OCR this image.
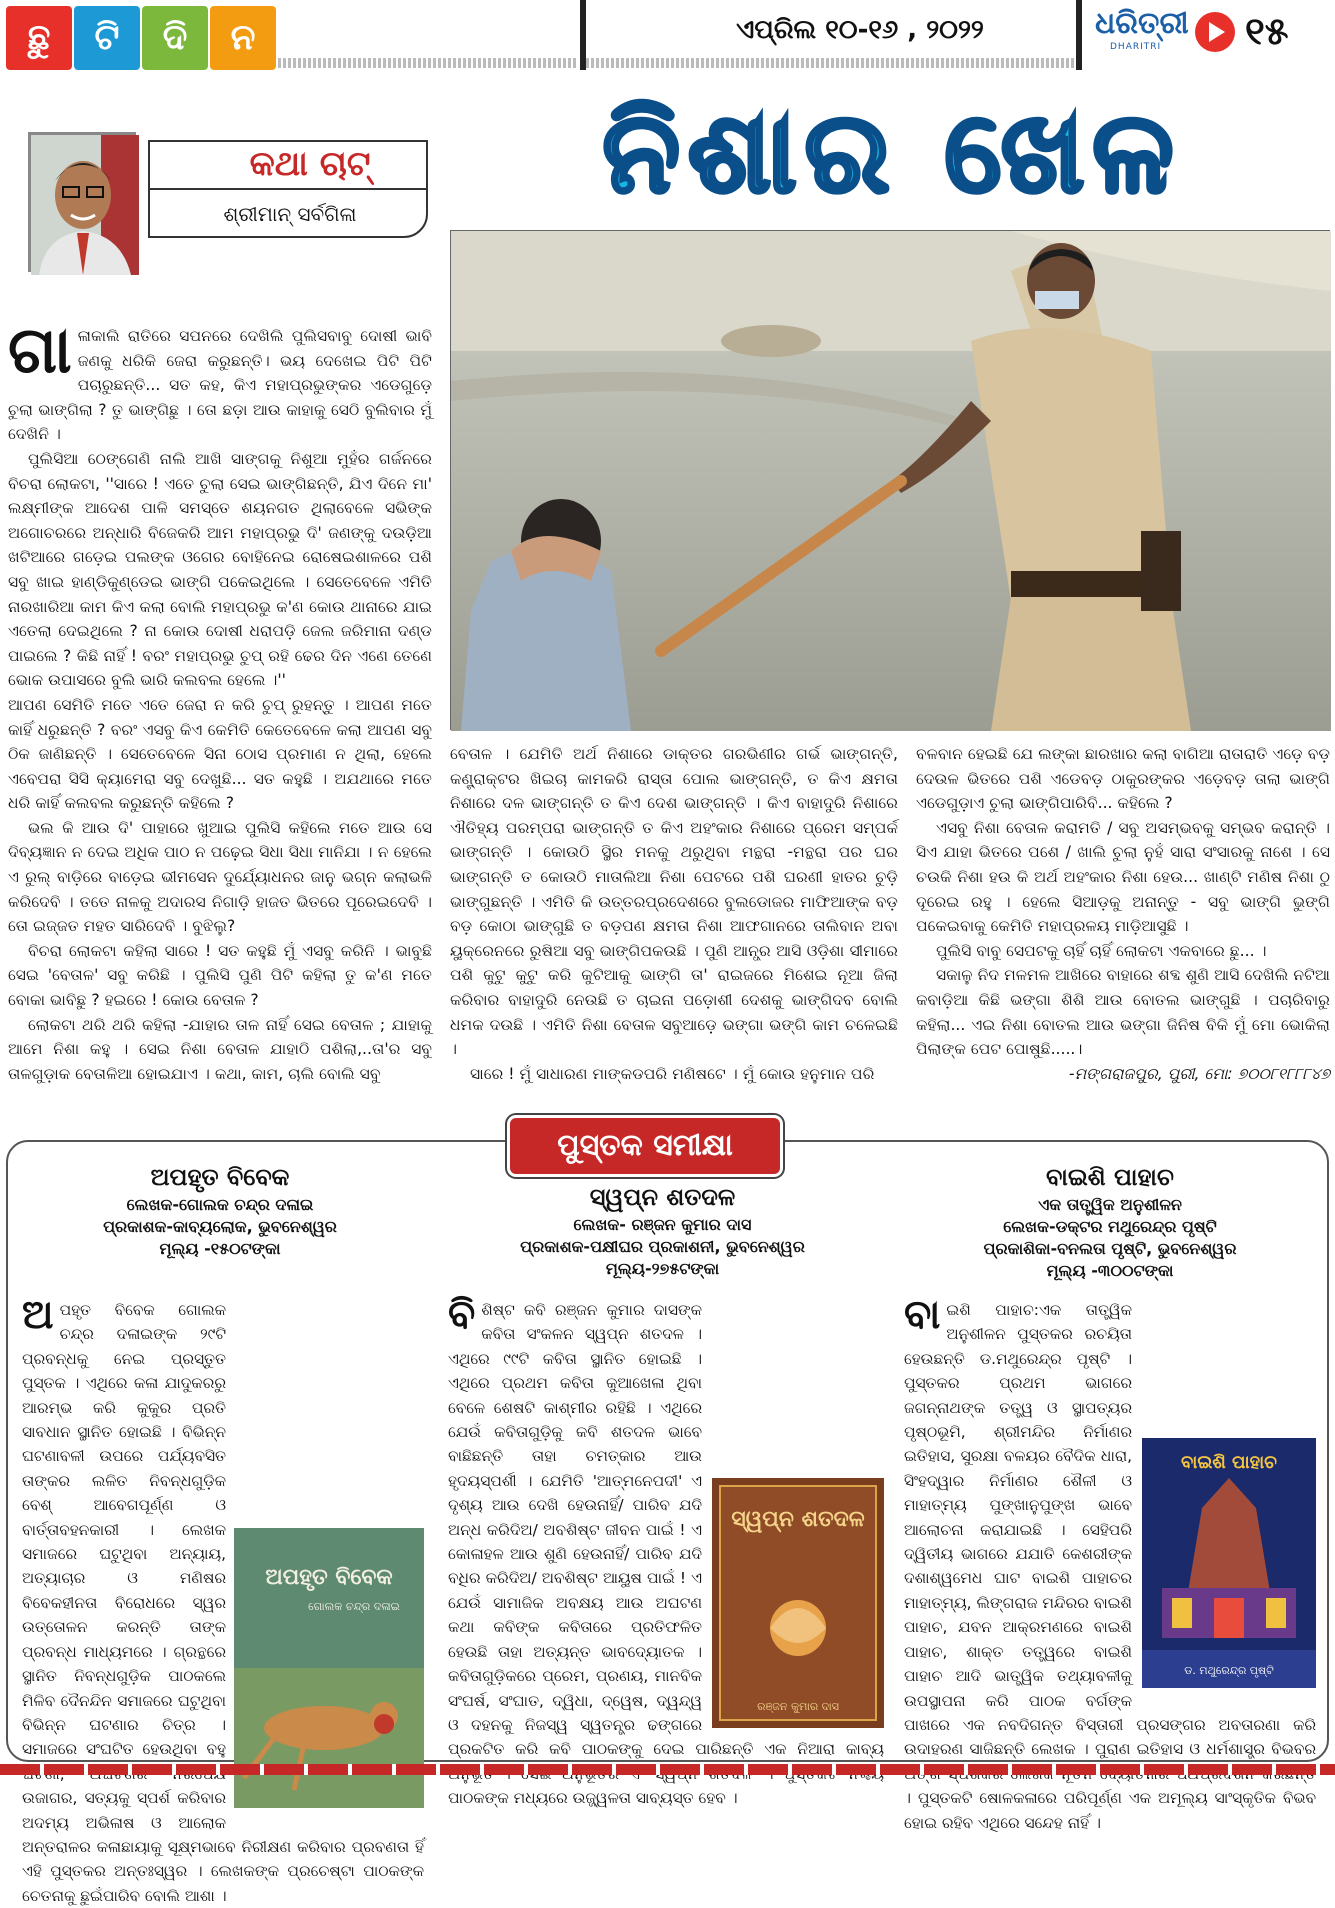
ଛୁ	ଟି	ଦି	ନ	ଏପ୍ରିଲ ୧୦-୧୬ , ୨୦୨୨	ଧରିତ୍ରୀ
DHARITRI ୧୫
କଥା ଚାଟ୍
ଶ୍ରୀମାନ୍ ସର୍ବଗିଳା	ନିଶାର ଖେଳ
ଗା ଳାକାଲି ରାତିରେ ସପନରେ ଦେଖିଲି ପୁଲିସବାବୁ ଦୋଷୀ ଭାବି ଜଣକୁ ଧରିକି ଜେରା କରୁଛନ୍ତି। ଭୟ ଦେଖେଇ ପିଟି ପିଟି ପଚାରୁଛନ୍ତି... ସତ କହ, କିଏ ମହାପ୍ରଭୁଙ୍କର ଏଡେଗୁଡ଼େ ଚୁଲା ଭାଙ୍ଗିଲା ? ତୁ ଭାଙ୍ଗିଛୁ । ତୋ ଛଡ଼ା ଆଉ କାହାକୁ ସେଠି ବୁଲିବାର ମୁଁ ଦେଖିନି ।

ପୁଲିସିଆ ଠେଙ୍ଗେଣି ନାଲି ଆଖି ସାଙ୍ଗକୁ ନିଶୁଆ ମୁହଁର ଗର୍ଜନରେ ବିଚରା ଲୋକଟା, ''ସାରେ ! ଏତେ ଚୁଲା ସେଇ ଭାଙ୍ଗିଛନ୍ତି, ଯିଏ ଦିନେ ମା' ଲକ୍ଷ୍ମୀଙ୍କ ଆଦେଶ ପାଳି ସମସ୍ତେ ଶୟନଗତ ଥିଲାବେଳେ ସଭିଙ୍କ ଅଗୋଚରରେ ଅନ୍ଧାରି ବିଜେକରି ଆମ ମହାପ୍ରଭୁ ଦି' ଜଣଙ୍କୁ ଦଉଡ଼ିଆ ଖଟିଆରେ ଗଡ଼େଇ ପଲଙ୍କ ଓଗେର ବୋହିନେଇ ରୋଷେଇଶାଳରେ ପଶି ସବୁ ଖାଇ ହାଣ୍ଡିକୁଣ୍ଡେଇ ଭାଙ୍ଗି ପକେଇଥିଲେ । ସେତେବେଳେ ଏମିତି ନାରଖାରିଆ କାମ କିଏ କଲା ବୋଲି ମହାପ୍ରଭୁ କ'ଣ କୋଉ ଥାନାରେ ଯାଇ ଏତେଲା ଦେଇଥିଲେ ? ନା କୋଉ ଦୋଷୀ ଧରାପଡ଼ି ଜେଲ ଜରିମାନା ଦଣ୍ଡ ପାଇଲେ ? କିଛି ନାହିଁ ! ବରଂ ମହାପ୍ରଭୁ ଚୁପ୍ ରହି ଢେର ଦିନ ଏଣେ ତେଣେ ଭୋକ ଉପାସରେ ବୁଲି ଭାରି କଲବଲ ହେଲେ ।''

ଆପଣ ସେମିତି ମତେ ଏତେ ଜେରା ନ କରି ଚୁପ୍ ରୁହନ୍ତୁ । ଆପଣ ମତେ କାହିଁ ଧରୁଛନ୍ତି ? ବରଂ ଏସବୁ କିଏ କେମିତି କେତେବେଳେ କଲା ଆପଣ ସବୁ ଠିକ ଜାଣିଛନ୍ତି । ସେତେବେଳେ ସିନା ଠୋସ ପ୍ରମାଣ ନ ଥିଲା, ହେଲେ ଏବେପରା ସିସି କ୍ୟାମେରା ସବୁ ଦେଖୁଛି... ସତ କହୁଛି । ଅଯଥାରେ ମତେ ଧରି କାହିଁ କଲବଲ କରୁଛନ୍ତି କହିଲେ ?

ଭଲ କି ଆଉ ଦି' ପାହାରେ ଖୁଆଇ ପୁଲିସି କହିଲେ ମତେ ଆଉ ସେ ଦିବ୍ୟଜ୍ଞାନ ନ ଦେଇ ଅଧିକ ପାଠ ନ ପଢ଼େଇ ସିଧା ସିଧା ମାନିଯା । ନ ହେଲେ ଏ ରୁଲ୍ ବାଡ଼ିରେ ବାଡ଼େଇ ଭୀମସେନ ଦୁର୍ଯ୍ୟୋଧନର ଜାନୁ ଭଗ୍ନ କଲାଭଳି କରିଦେବି । ତତେ ନାଳକୁ ଅଦାରସ ନିଗାଡ଼ି ହାଜତ ଭିତରେ ପୂରେଇଦେବି । ତୋ ଇଜ୍ଜତ ମହତ ସାରିଦେବି । ବୁଝିଲୁ?

ବିଚରା ଲୋକଟା କହିଲା ସାରେ ! ସତ କହୁଛି ମୁଁ ଏସବୁ କରିନି । ଭାବୁଛି ସେଇ 'ବେତାଳ' ସବୁ କରିଛି । ପୁଲିସି ପୁଣି ପିଟି କହିଲା ତୁ କ'ଣ ମତେ ବୋକା ଭାବିଛୁ ? ହଇରେ ! କୋଉ ବେତାଳ ?

ଲୋକଟା ଥରି ଥରି କହିଲା -ଯାହାର ତାଳ ନାହିଁ ସେଇ ବେତାଳ ; ଯାହାକୁ ଆମେ ନିଶା କହୁ । ସେଇ ନିଶା ବେତାଳ ଯାହାଠି ପଶିଲା,..ତା'ର ସବୁ ତାଳଗୁଡ଼ାକ ବେତାଳିଆ ହୋଇଯାଏ । କଥା, କାମ, ଚାଲି ବୋଲି ସବୁ

ବେତାଳ । ଯେମିତି ଅର୍ଥ ନିଶାରେ ଡାକ୍ତର ଗରଭିଣୀର ଗର୍ଭ ଭାଙ୍ଗନ୍ତି, କଣ୍ଟ୍ରାକ୍ଟର ଖିଇଚା କାମକରି ରାସ୍ତା ପୋଲ ଭାଙ୍ଗନ୍ତି, ତ କିଏ କ୍ଷମତା ନିଶାରେ ଦଳ ଭାଙ୍ଗନ୍ତି ତ କିଏ ଦେଶ ଭାଙ୍ଗନ୍ତି । କିଏ ବାହାଦୁରି ନିଶାରେ ଐତିହ୍ୟ ପରମ୍ପରା ଭାଙ୍ଗନ୍ତି ତ କିଏ ଅହଂକାର ନିଶାରେ ପ୍ରେମ ସମ୍ପର୍କ ଭାଙ୍ଗନ୍ତି । କୋଉଠି ସ୍ଥିର ମନକୁ ଥରୁଥିବା ମନ୍ଥରା -ମନ୍ଥରା ପର ଘର ଭାଙ୍ଗନ୍ତି ତ କୋଉଠି ମାତାଲିଆ ନିଶା ପେଟରେ ପଶି ଘରଣୀ ହାତର ଚୁଡ଼ି ଭାଙ୍ଗୁଛନ୍ତି । ଏମିତି କି ଉତ୍ତରପ୍ରଦେଶରେ ବୁଲଡୋଜର ମାଫିଆଙ୍କ ବଡ଼ ବଡ଼ କୋଠା ଭାଙ୍ଗୁଛି ତ ବଡ଼ପଣ କ୍ଷମତା ନିଶା ଆଫଗାନରେ ତାଲିବାନ ଅବା ୟୁକ୍ରେନରେ ରୁଷିଆ ସବୁ ଭାଙ୍ଗିପକଉଛି । ପୁଣି ଆନ୍ଧ୍ର ଆସି ଓଡ଼ିଶା ସୀମାରେ ପଶି କୁଟୁ କୁଟୁ କରି କୁଟିଆକୁ ଭାଙ୍ଗି ତା' ରାଇଜରେ ମିଶେଇ ନୂଆ ଜିଲା କରିବାର ବାହାଦୁରି ନେଉଛି ତ ଚାଇନା ପଡ଼ୋଶୀ ଦେଶକୁ ଭାଙ୍ଗିଦବ ବୋଲି ଧମକ ଦଉଛି । ଏମିତି ନିଶା ବେତାଳ ସବୁଆଡ଼େ ଭଙ୍ଗା ଭଙ୍ଗି କାମ ଚଳେଇଛି ।

ସାରେ ! ମୁଁ ସାଧାରଣ ମାଙ୍କଡପରି ମଣିଷଟେ । ମୁଁ କୋଉ ହନୁମାନ ପରି

ବଳବାନ ହେଇଛି ଯେ ଲଙ୍କା ଛାରଖାର କଲା ବାଗିଆ ରାତାରାତି ଏଡ଼େ ବଡ଼ ଦେଉଳ ଭିତରେ ପଶି ଏଡେବଡ଼ ଠାକୁରଙ୍କର ଏଡ଼େବଡ଼ ତାଲା ଭାଙ୍ଗି ଏଡେଗୁଡ଼ାଏ ଚୁଲା ଭାଙ୍ଗିପାରିବି... କହିଲେ ?

ଏସବୁ ନିଶା ବେତାଳ କରାମତି / ସବୁ ଅସମ୍ଭବକୁ ସମ୍ଭବ କରାନ୍ତି । ସିଏ ଯାହା ଭିତରେ ପଶେ / ଖାଲି ଚୁଲା ନୁହଁ ସାରା ସଂସାରକୁ ନାଶେ । ସେ ଚଉକି ନିଶା ହଉ କି ଅର୍ଥ ଅହଂକାର ନିଶା ହେଉ... ଖାଣ୍ଟି ମଣିଷ ନିଶା ଠୁ ଦୂରେଇ ରହୁ । ହେଲେ ସିଆଡ଼କୁ ଅନାନ୍ତୁ - ସବୁ ଭାଙ୍ଗି ଭୁଙ୍ଗି ପକେଇବାକୁ କେମିତି ମହାପ୍ରଳୟ ମାଡ଼ିଆସୁଛି ।

ପୁଲିସି ବାବୁ ସେପଟକୁ ଚାହିଁ ଚାହିଁ ଲୋକଟା ଏକବାରେ ଛୁ... ।

ସକାଳୁ ନିଦ ମଳମଳ ଆଖିରେ ବାହାରେ ଶବ୍ଦ ଶୁଣି ଆସି ଦେଖିଲି ନଟିଆ କବାଡ଼ିଆ କିଛି ଭଙ୍ଗା ଶିଶି ଆଉ ବୋତଲ ଭାଙ୍ଗୁଛି । ପଚାରିବାରୁ କହିଲା... ଏଇ ନିଶା ବୋତଲ ଆଉ ଭଙ୍ଗା ଜିନିଷ ବିକି ମୁଁ ମୋ ଭୋକିଲା ପିଲାଙ୍କ ପେଟ ପୋଷୁଛି.....।

-ମଙ୍ଗରାଜପୁର, ପୁରୀ, ମୋ: ୭୦୦୮୧୮୮୮୪୭
ପୁସ୍ତକ ସମୀକ୍ଷା
ଅପହୃତ ବିବେକ
ଲେଖକ-ଗୋଲକ ଚନ୍ଦ୍ର ଦଳାଇ
ପ୍ରକାଶକ-କାବ୍ୟଲୋକ, ଭୁବନେଶ୍ୱର
ମୂଲ୍ୟ -୧୫୦ଟଙ୍କା
ଅପହୃତ ବିବେକ
ଗୋଲକ ଚନ୍ଦ୍ର ଦଳାଇ
ଅ ପହୃତ ବିବେକ ଗୋଲକ ଚନ୍ଦ୍ର ଦଳାଇଙ୍କ ୨୯ଟି ପ୍ରବନ୍ଧକୁ ନେଇ ପ୍ରସ୍ତୁତ ପୁସ୍ତକ । ଏଥିରେ କଳା ଯାଦୁକରରୁ ଆରମ୍ଭ କରି କୁକୁର ପ୍ରତି ସାବଧାନ ସ୍ଥାନିତ ହୋଇଛି । ବିଭିନ୍ନ ଘଟଣାବଳୀ ଉପରେ ପର୍ଯ୍ୟବସିତ ତାଙ୍କର ଲଳିତ ନିବନ୍ଧଗୁଡ଼ିକ ବେଶ୍ ଆବେଗପୂର୍ଣ୍ଣ ଓ ବାର୍ତ୍ତାବହନକାରୀ । ଲେଖକ ସମାଜରେ ଘଟୁଥିବା ଅନ୍ୟାୟ, ଅତ୍ୟାଚାର ଓ ମଣିଷର ବିବେକହୀନତା ବିରୋଧରେ ସ୍ୱର ଉତ୍ତୋଳନ କରନ୍ତି ତାଙ୍କ ପ୍ରବନ୍ଧ ମାଧ୍ୟମରେ । ଗ୍ରନ୍ଥରେ ସ୍ଥାନିତ ନିବନ୍ଧଗୁଡ଼ିକ ପାଠକଲେ ମିଳିବ ଦୈନନ୍ଦିନ ସମାଜରେ ଘଟୁଥିବା ବିଭିନ୍ନ ଘଟଣାର ଚିତ୍ର । ସମାଜରେ ସଂଘଟିତ ହେଉଥିବା ବହୁ ଉଜାଗର, ସତ୍ୟକୁ ସ୍ପର୍ଶ କରିବାର ଅଦମ୍ୟ ଅଭିଳାଷ ଓ ଆଲୋକ ଅନ୍ତରାଳର କଳାଛାୟାକୁ ସୂକ୍ଷ୍ମଭାବେ ନିରୀକ୍ଷଣ କରିବାର ପ୍ରବଣତା ହିଁ ଏହି ପୁସ୍ତକର ଅନ୍ତଃସ୍ୱର । ଲେଖକଙ୍କ ପ୍ରଚେଷ୍ଟା ପାଠକଙ୍କ ଚେତନାକୁ ଛୁଇଁପାରିବ ବୋଲି ଆଶା ।
ସ୍ୱପ୍ନ ଶତଦଳ
ଲେଖକ- ରଞ୍ଜନ କୁମାର ଦାସ
ପ୍ରକାଶକ-ପକ୍ଷୀଘର ପ୍ରକାଶନୀ, ଭୁବନେଶ୍ୱର
ମୂଲ୍ୟ-୨୭୫ଟଙ୍କା
ସ୍ୱପ୍ନ ଶତଦଳ
ରଞ୍ଜନ କୁମାର ଦାସ
ବି ଶିଷ୍ଟ କବି ରଞ୍ଜନ କୁମାର ଦାସଙ୍କ କବିତା ସଂକଳନ ସ୍ୱପ୍ନ ଶତଦଳ । ଏଥିରେ ୯୯ଟି କବିତା ସ୍ଥାନିତ ହୋଇଛି । ଏଥିରେ ପ୍ରଥମ କବିତା କୁଆଖେଳା ଥିବା ବେଳେ ଶେଷଟି କାଶ୍ମୀର ରହିଛି । ଏଥିରେ ଯେଉଁ କବିତାଗୁଡ଼ିକୁ କବି ଶତଦଳ ଭାବେ ବାଛିଛନ୍ତି ତାହା ଚମତ୍କାର ଆଉ ହୃଦୟସ୍ପର୍ଶୀ । ଯେମିତି 'ଆତ୍ମନେପଦୀ' ଏ ଦୃଶ୍ୟ ଆଉ ଦେଖି ହେଉନାହିଁ/ ପାରିବ ଯଦି ଅନ୍ଧ କରିଦିଅ/ ଅବଶିଷ୍ଟ ଜୀବନ ପାଇଁ ! ଏ କୋଳାହଳ ଆଉ ଶୁଣି ହେଉନାହିଁ/ ପାରିବ ଯଦି ବଧିର କରିଦିଅ/ ଅବଶିଷ୍ଟ ଆୟୁଷ ପାଇଁ ! ଏ ଯେଉଁ ସାମାଜିକ ଅବକ୍ଷୟ ଆଉ ଅଘଟଣ କଥା କବିଙ୍କ କବିତାରେ ପ୍ରତିଫଳିତ ହେଉଛି ତାହା ଅତ୍ୟନ୍ତ ଭାବଦ୍ୟୋତକ । କବିତାଗୁଡ଼ିକରେ ପ୍ରେମ, ପ୍ରଣୟ, ମାନବିକ ସଂଘର୍ଷ, ସଂଘାତ, ଦ୍ୱିଧା, ଦ୍ୱେଷ, ଦ୍ୱନ୍ଦ୍ୱ ଓ ଦହନକୁ ନିଜସ୍ୱ ସ୍ୱତନ୍ତ୍ର ଢଙ୍ଗରେ ପ୍ରକଟିତ କରି କବି ପାଠକଙ୍କୁ ଦେଇ ପାରିଛନ୍ତି ଏକ ନିଆରା କାବ୍ୟ ପାଠକଙ୍କ ମଧ୍ୟରେ ଉଜ୍ଜ୍ୱଳତା ସାବ୍ୟସ୍ତ ହେବ ।
ବାଇଶି ପାହାଚ
ଏକ ତାତ୍ତ୍ୱିକ ଅନୁଶୀଳନ
ଲେଖକ-ଡକ୍ଟର ମଥୁରେନ୍ଦ୍ର ପୃଷ୍ଟି
ପ୍ରକାଶିକା-ବନଲତା ପୃଷ୍ଟି, ଭୁବନେଶ୍ୱର
ମୂଲ୍ୟ -୩୦୦ଟଙ୍କା
ବାଇଶି ପାହାଚ
ଡ. ମଥୁରେନ୍ଦ୍ର ପୃଷ୍ଟି
ବା ଇଶି ପାହାଚ:ଏକ ତାତ୍ତ୍ୱିକ ଅନୁଶୀଳନ ପୁସ୍ତକର ରଚୟିତା ହେଉଛନ୍ତି ଡ.ମଥୁରେନ୍ଦ୍ର ପୃଷ୍ଟି । ପୁସ୍ତକର ପ୍ରଥମ ଭାଗରେ ଜଗନ୍ନାଥଙ୍କ ତତ୍ତ୍ୱ ଓ ସ୍ଥାପତ୍ୟର ପୃଷ୍ଠଭୂମି, ଶ୍ରୀମନ୍ଦିର ନିର୍ମାଣର ଇତିହାସ, ସୁରକ୍ଷା ବଳୟର ବୈଦିକ ଧାରା, ସିଂହଦ୍ୱାର ନିର୍ମାଣର ଶୈଳୀ ଓ ମାହାତ୍ମ୍ୟ ପୁଙ୍ଖାନୁପୁଙ୍ଖ ଭାବେ ଆଲୋଚନା କରାଯାଇଛି । ସେହିପରି ଦ୍ୱିତୀୟ ଭାଗରେ ଯଯାତି କେଶରୀଙ୍କ ଦଶାଶ୍ୱମେଧ ଘାଟ ବାଇଶି ପାହାଚର ମାହାତ୍ମ୍ୟ, ଲିଙ୍ଗରାଜ ମନ୍ଦିରର ବାଇଶି ପାହାଚ, ଯବନ ଆକ୍ରମଣରେ ବାଇଶି ପାହାଚ, ଶାକ୍ତ ତତ୍ତ୍ୱରେ ବାଇଶି ପାହାଚ ଆଦି ଭାତ୍ତ୍ୱିକ ତଥ୍ୟାବଳୀକୁ ଉପସ୍ଥାପନା କରି ପାଠକ ବର୍ଗଙ୍କ ପାଖରେ ଏକ ନବଦିଗନ୍ତ ବିସ୍ତାରୀ ପ୍ରସଙ୍ଗର ଅବତାରଣା କରି ଉଦାହରଣ ସାଜିଛନ୍ତି ଲେଖକ । ପୁରାଣ ଇତିହାସ ଓ ଧର୍ମଶାସ୍ତ୍ର ବିଭବର । ପୁସ୍ତକଟି ଷୋଳକଳାରେ ପରିପୂର୍ଣ୍ଣ ଏକ ଅମୂଲ୍ୟ ସାଂସ୍କୃତିକ ବିଭବ ହୋଇ ରହିବ ଏଥିରେ ସନ୍ଦେହ ନାହିଁ ।
